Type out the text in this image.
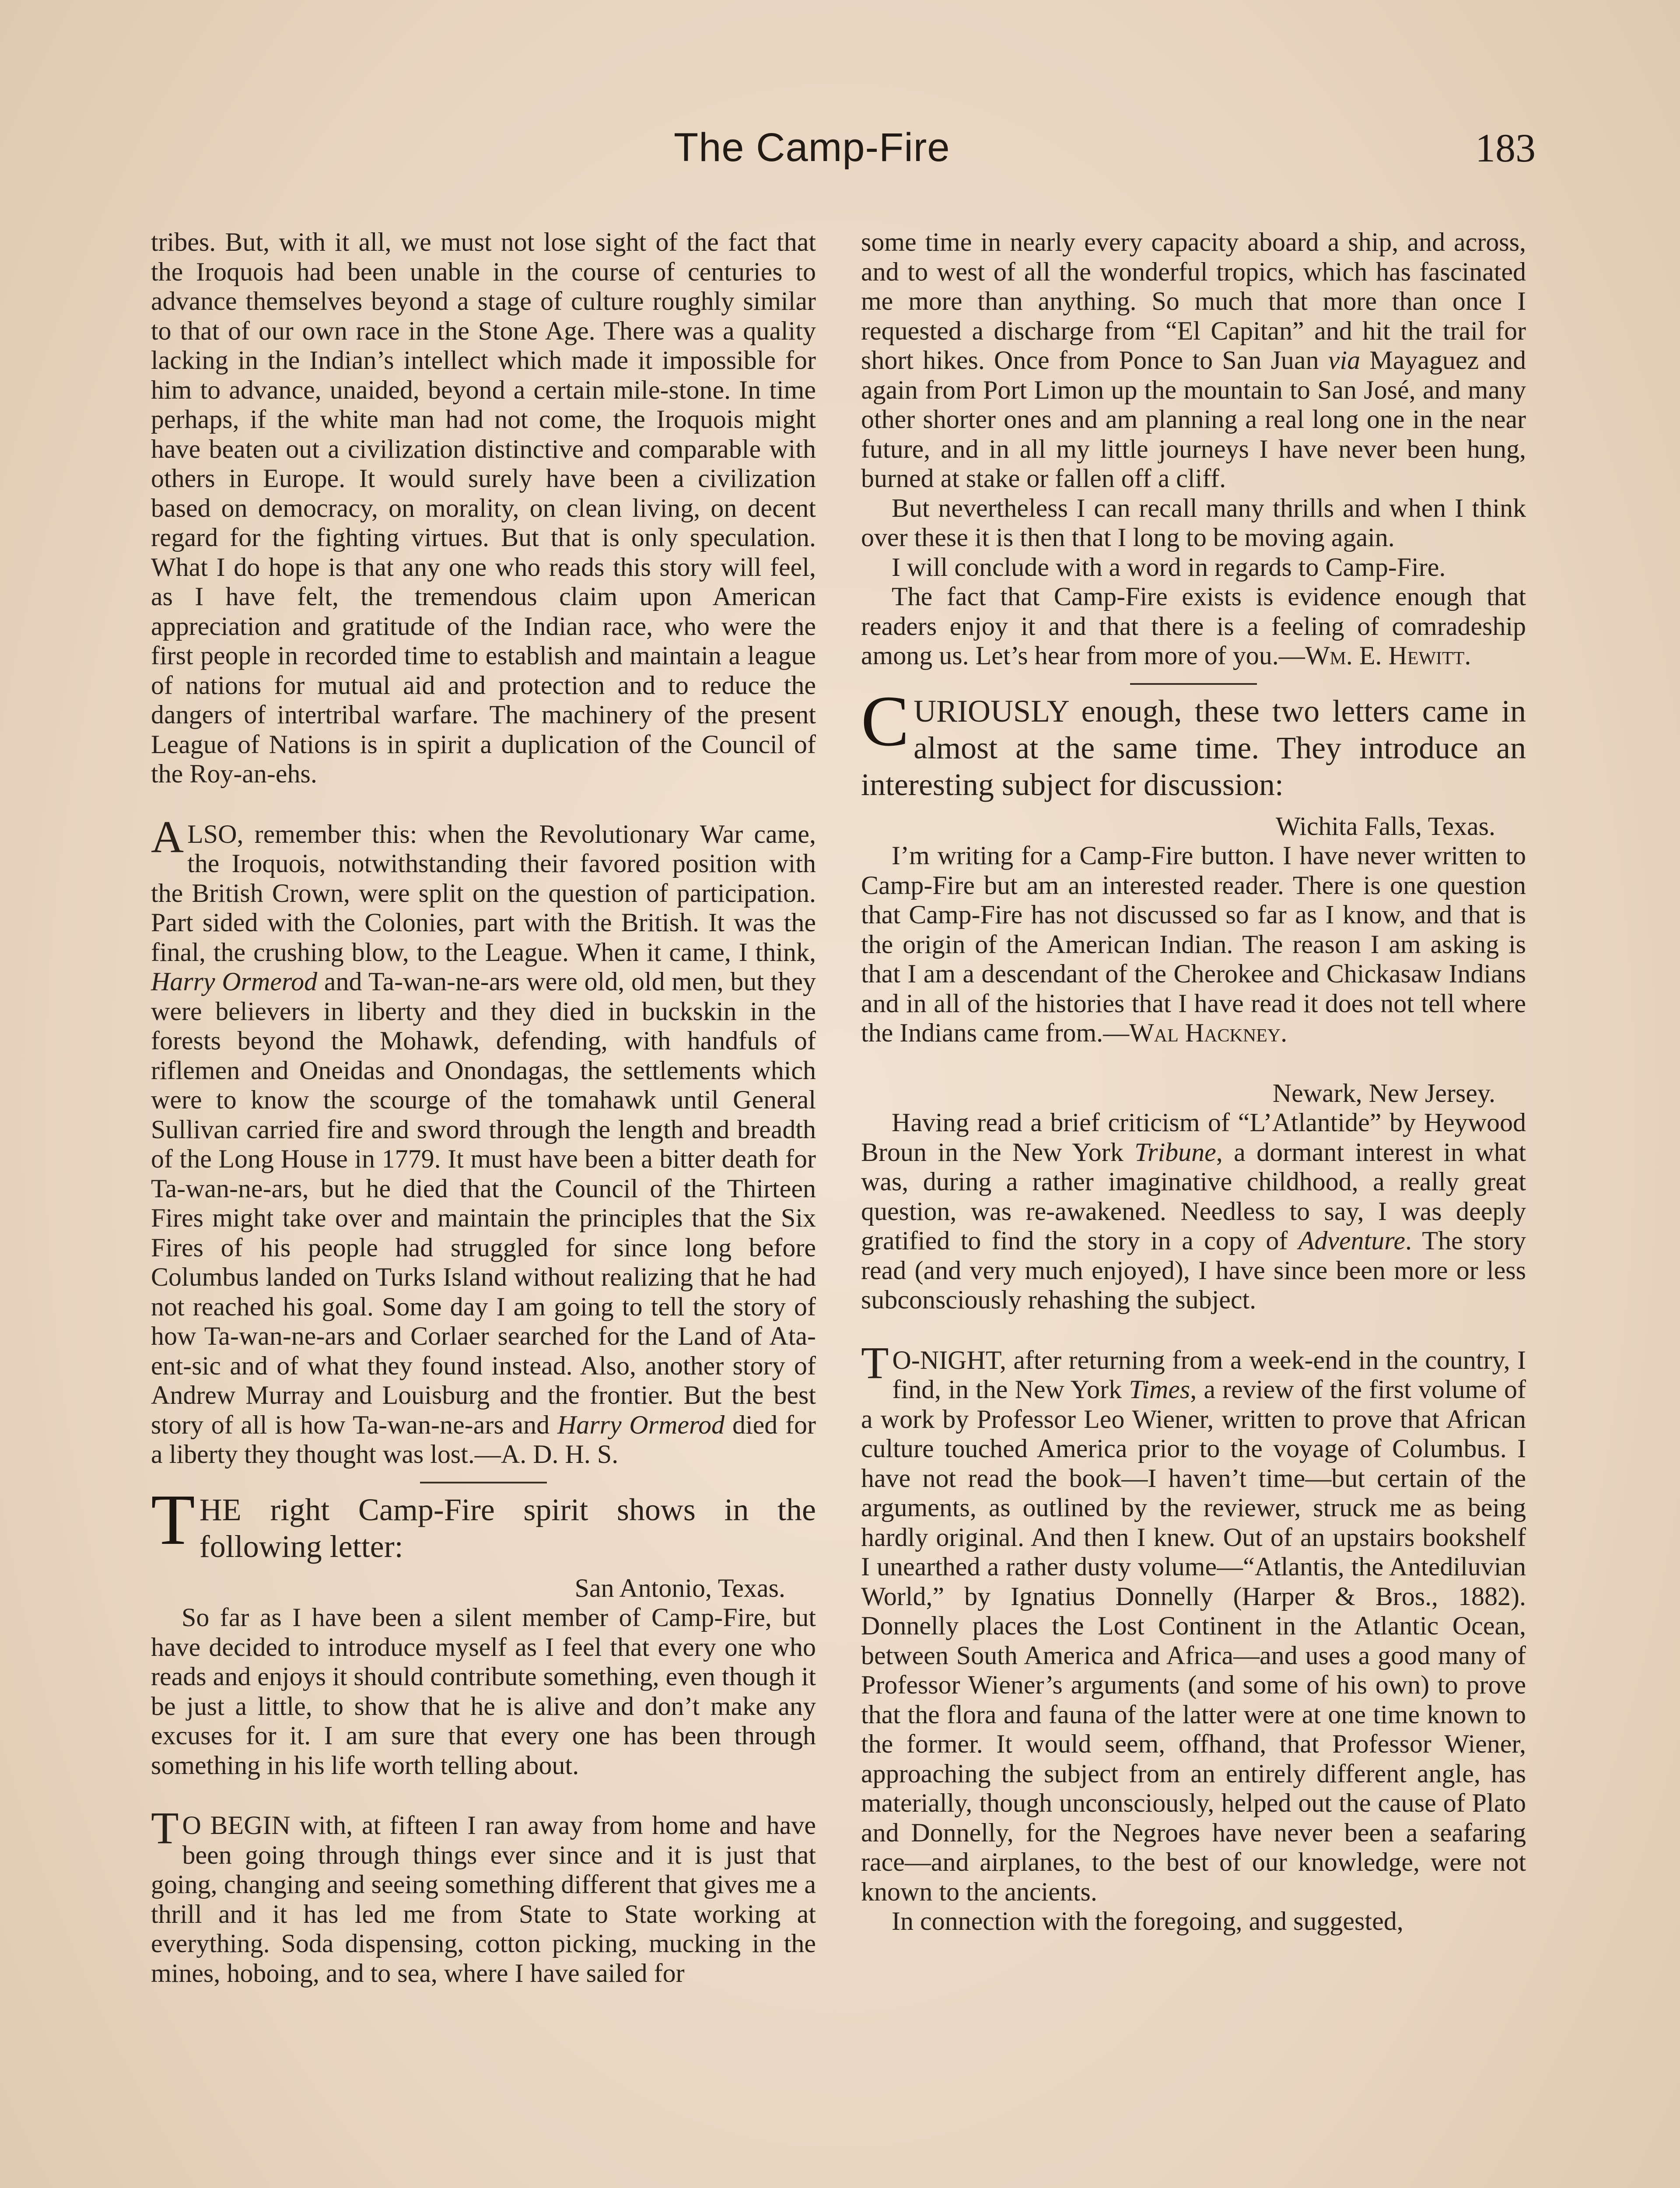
The Camp-Fire	183

tribes. But, with it all, we must not lose sight of the fact that the Iroquois had been unable in the course of centuries to advance themselves beyond a stage of culture roughly similar to that of our own race in the Stone Age. There was a quality lacking in the Indian’s intellect which made it impossible for him to advance, unaided, beyond a certain mile-stone. In time perhaps, if the white man had not come, the Iroquois might have beaten out a civilization distinctive and comparable with others in Europe. It would surely have been a civilization based on democracy, on morality, on clean living, on decent regard for the fighting virtues. But that is only speculation. What I do hope is that any one who reads this story will feel, as I have felt, the tremendous claim upon American appreciation and gratitude of the Indian race, who were the first people in recorded time to establish and maintain a league of nations for mutual aid and protection and to reduce the dangers of intertribal warfare. The machinery of the present League of Nations is in spirit a duplication of the Council of the Roy-an-ehs.

ALSO, remember this: when the Revolutionary War came, the Iroquois, notwithstanding their favored position with the British Crown, were split on the question of participation. Part sided with the Colonies, part with the British. It was the final, the crushing blow, to the League. When it came, I think, Harry Ormerod and Ta-wan-ne-ars were old, old men, but they were believers in liberty and they died in buckskin in the forests beyond the Mohawk, defending, with handfuls of riflemen and Oneidas and Onondagas, the settlements which were to know the scourge of the tomahawk until General Sullivan carried fire and sword through the length and breadth of the Long House in 1779. It must have been a bitter death for Ta-wan-ne-ars, but he died that the Council of the Thirteen Fires might take over and maintain the principles that the Six Fires of his people had struggled for since long before Columbus landed on Turks Island without realizing that he had not reached his goal. Some day I am going to tell the story of how Ta-wan-ne-ars and Corlaer searched for the Land of Ata-ent-sic and of what they found instead. Also, another story of Andrew Murray and Louisburg and the frontier. But the best story of all is how Ta-wan-ne-ars and Harry Ormerod died for a liberty they thought was lost.—A. D. H. S.

THE right Camp-Fire spirit shows in the following letter:

San Antonio, Texas.

So far as I have been a silent member of Camp-Fire, but have decided to introduce myself as I feel that every one who reads and enjoys it should contribute something, even though it be just a little, to show that he is alive and don’t make any excuses for it. I am sure that every one has been through something in his life worth telling about.

T O BEGIN with, at fifteen I ran away from home and have been going through things ever since and it is just that going, changing and seeing something different that gives me a thrill and it has led me from State to State working at everything. Soda dispensing, cotton picking, mucking in the mines, hoboing, and to sea, where I have sailed for

some time in nearly every capacity aboard a ship, and across, and to west of all the wonderful tropics, which has fascinated me more than anything. So much that more than once I requested a discharge from “El Capitan” and hit the trail for short hikes. Once from Ponce to San Juan via Mayaguez and again from Port Limon up the mountain to San José, and many other shorter ones and am planning a real long one in the near future, and in all my little journeys I have never been hung, burned at stake or fallen off a cliff.

But nevertheless I can recall many thrills and when I think over these it is then that I long to be moving again.

I will conclude with a word in regards to Camp-Fire.

The fact that Camp-Fire exists is evidence enough that readers enjoy it and that there is a feeling of comradeship among us. Let’s hear from more of you.—Wm. E. Hewitt.

CURIOUSLY enough, these two letters came in almost at the same time. They introduce an interesting subject for discussion:

Wichita Falls, Texas.

I’m writing for a Camp-Fire button. I have never written to Camp-Fire but am an interested reader. There is one question that Camp-Fire has not discussed so far as I know, and that is the origin of the American Indian. The reason I am asking is that I am a descendant of the Cherokee and Chickasaw Indians and in all of the histories that I have read it does not tell where the Indians came from.—Wal Hackney.

Newark, New Jersey.

Having read a brief criticism of “L’Atlantide” by Heywood Broun in the New York Tribune, a dormant interest in what was, during a rather imaginative childhood, a really great question, was re-awakened. Needless to say, I was deeply gratified to find the story in a copy of Adventure. The story read (and very much enjoyed), I have since been more or less subconsciously rehashing the subject.

T O-NIGHT, after returning from a week-end in the country, I find, in the New York Times, a review of the first volume of a work by Professor Leo Wiener, written to prove that African culture touched America prior to the voyage of Columbus. I have not read the book—I haven’t time—but certain of the arguments, as outlined by the reviewer, struck me as being hardly original. And then I knew. Out of an upstairs bookshelf I unearthed a rather dusty volume—“Atlantis, the Antediluvian World,” by Ignatius Donnelly (Harper & Bros., 1882). Donnelly places the Lost Continent in the Atlantic Ocean, between South America and Africa—and uses a good many of Professor Wiener’s arguments (and some of his own) to prove that the flora and fauna of the latter were at one time known to the former. It would seem, offhand, that Professor Wiener, approaching the subject from an entirely different angle, has materially, though unconsciously, helped out the cause of Plato and Donnelly, for the Negroes have never been a seafaring race—and airplanes, to the best of our knowledge, were not known to the ancients.

In connection with the foregoing, and suggested,
